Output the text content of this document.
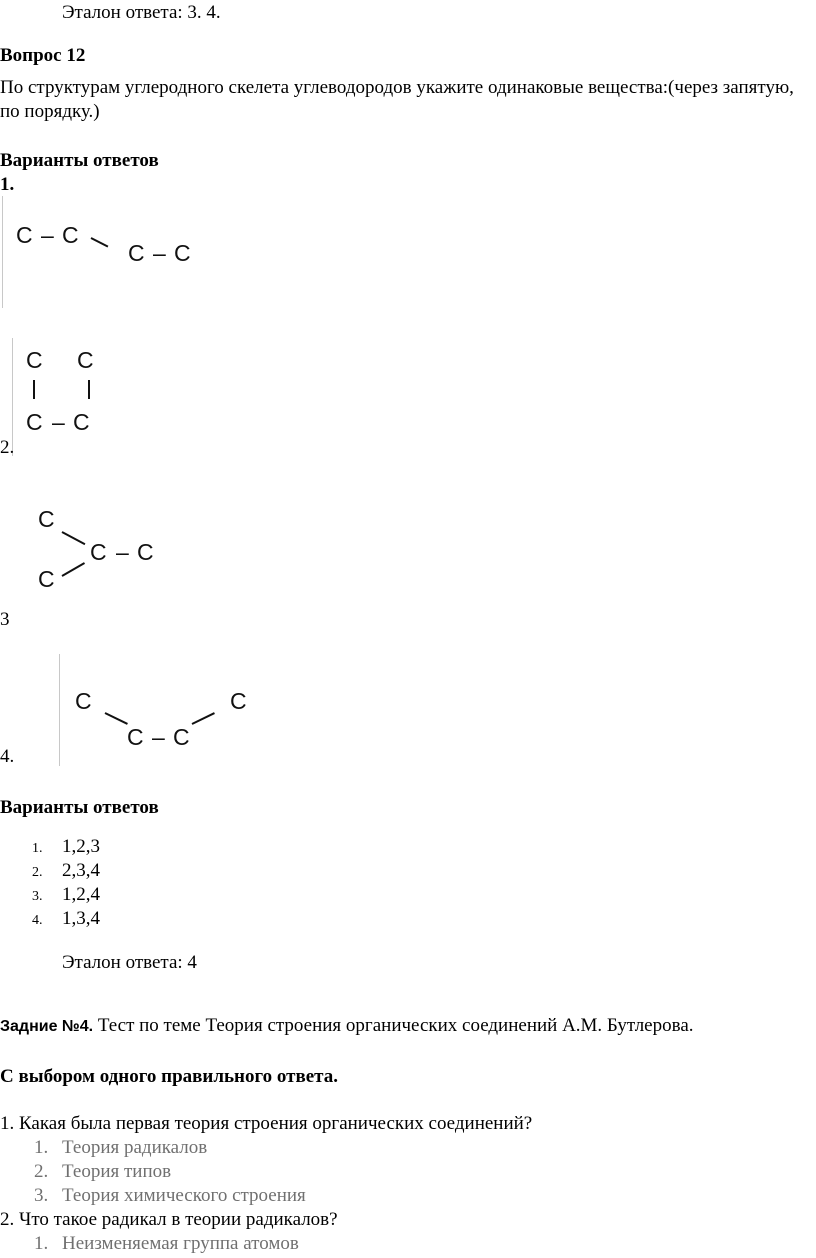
Эталон ответа: 3. 4.
Вопрос 12
По структурам углеродного скелета углеводородов укажите одинаковые вещества:(через запятую, по порядку.)
Варианты ответов
1.
C – C
C – C
C C
C – C
2.
C
C – C
C
3
C
C – C
C
4.
Варианты ответов
1. 1,2,3
2. 2,3,4
3. 1,2,4
4. 1,3,4
Эталон ответа: 4
Задние №4. Тест по теме Теория строения органических соединений А.М. Бутлерова.
С выбором одного правильного ответа.
1. Какая была первая теория строения органических соединений?
1. Теория радикалов
2. Теория типов
3. Теория химического строения
2. Что такое радикал в теории радикалов?
1. Неизменяемая группа атомов
